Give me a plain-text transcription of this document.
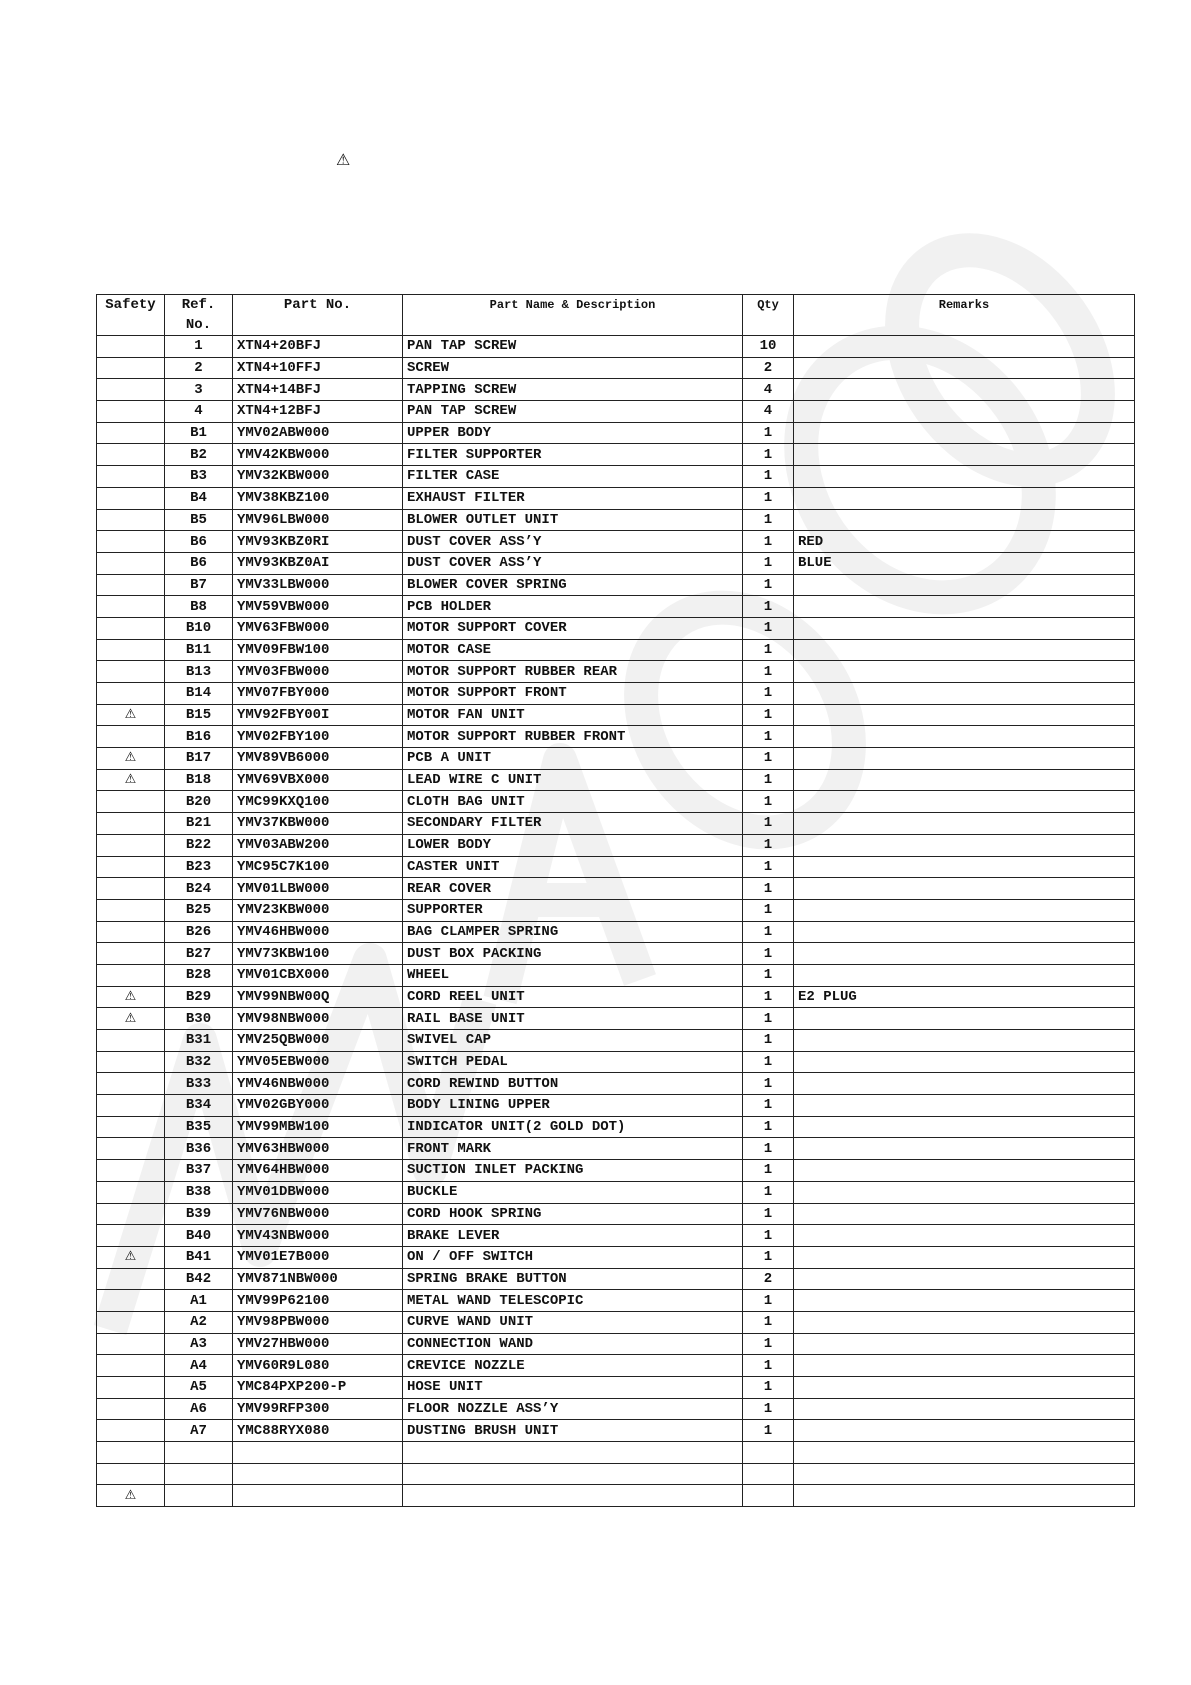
⚠
Safety	Ref. No.	Part No.	Part Name & Description	Qty	Remarks
	1	XTN4+20BFJ	PAN TAP SCREW	10	
	2	XTN4+10FFJ	SCREW	2	
	3	XTN4+14BFJ	TAPPING SCREW	4	
	4	XTN4+12BFJ	PAN TAP SCREW	4	
	B1	YMV02ABW000	UPPER BODY	1	
	B2	YMV42KBW000	FILTER SUPPORTER	1	
	B3	YMV32KBW000	FILTER CASE	1	
	B4	YMV38KBZ100	EXHAUST FILTER	1	
	B5	YMV96LBW000	BLOWER OUTLET UNIT	1	
	B6	YMV93KBZ0RI	DUST COVER ASS’Y	1	RED
	B6	YMV93KBZ0AI	DUST COVER ASS’Y	1	BLUE
	B7	YMV33LBW000	BLOWER COVER SPRING	1	
	B8	YMV59VBW000	PCB HOLDER	1	
	B10	YMV63FBW000	MOTOR SUPPORT COVER	1	
	B11	YMV09FBW100	MOTOR CASE	1	
	B13	YMV03FBW000	MOTOR SUPPORT RUBBER REAR	1	
	B14	YMV07FBY000	MOTOR SUPPORT FRONT	1	
⚠	B15	YMV92FBY00I	MOTOR FAN UNIT	1	
	B16	YMV02FBY100	MOTOR SUPPORT RUBBER FRONT	1	
⚠	B17	YMV89VB6000	PCB A UNIT	1	
⚠	B18	YMV69VBX000	LEAD WIRE C UNIT	1	
	B20	YMC99KXQ100	CLOTH BAG UNIT	1	
	B21	YMV37KBW000	SECONDARY FILTER	1	
	B22	YMV03ABW200	LOWER BODY	1	
	B23	YMC95C7K100	CASTER UNIT	1	
	B24	YMV01LBW000	REAR COVER	1	
	B25	YMV23KBW000	SUPPORTER	1	
	B26	YMV46HBW000	BAG CLAMPER SPRING	1	
	B27	YMV73KBW100	DUST BOX PACKING	1	
	B28	YMV01CBX000	WHEEL	1	
⚠	B29	YMV99NBW00Q	CORD REEL UNIT	1	E2 PLUG
⚠	B30	YMV98NBW000	RAIL BASE UNIT	1	
	B31	YMV25QBW000	SWIVEL CAP	1	
	B32	YMV05EBW000	SWITCH PEDAL	1	
	B33	YMV46NBW000	CORD REWIND BUTTON	1	
	B34	YMV02GBY000	BODY LINING UPPER	1	
	B35	YMV99MBW100	INDICATOR UNIT(2 GOLD DOT)	1	
	B36	YMV63HBW000	FRONT MARK	1	
	B37	YMV64HBW000	SUCTION INLET PACKING	1	
	B38	YMV01DBW000	BUCKLE	1	
	B39	YMV76NBW000	CORD HOOK SPRING	1	
	B40	YMV43NBW000	BRAKE LEVER	1	
⚠	B41	YMV01E7B000	ON / OFF SWITCH	1	
	B42	YMV871NBW000	SPRING BRAKE BUTTON	2	
	A1	YMV99P62100	METAL WAND TELESCOPIC	1	
	A2	YMV98PBW000	CURVE WAND UNIT	1	
	A3	YMV27HBW000	CONNECTION WAND	1	
	A4	YMV60R9L080	CREVICE NOZZLE	1	
	A5	YMC84PXP200-P	HOSE UNIT	1	
	A6	YMV99RFP300	FLOOR NOZZLE ASS’Y	1	
	A7	YMC88RYX080	DUSTING BRUSH UNIT	1	

⚠					
